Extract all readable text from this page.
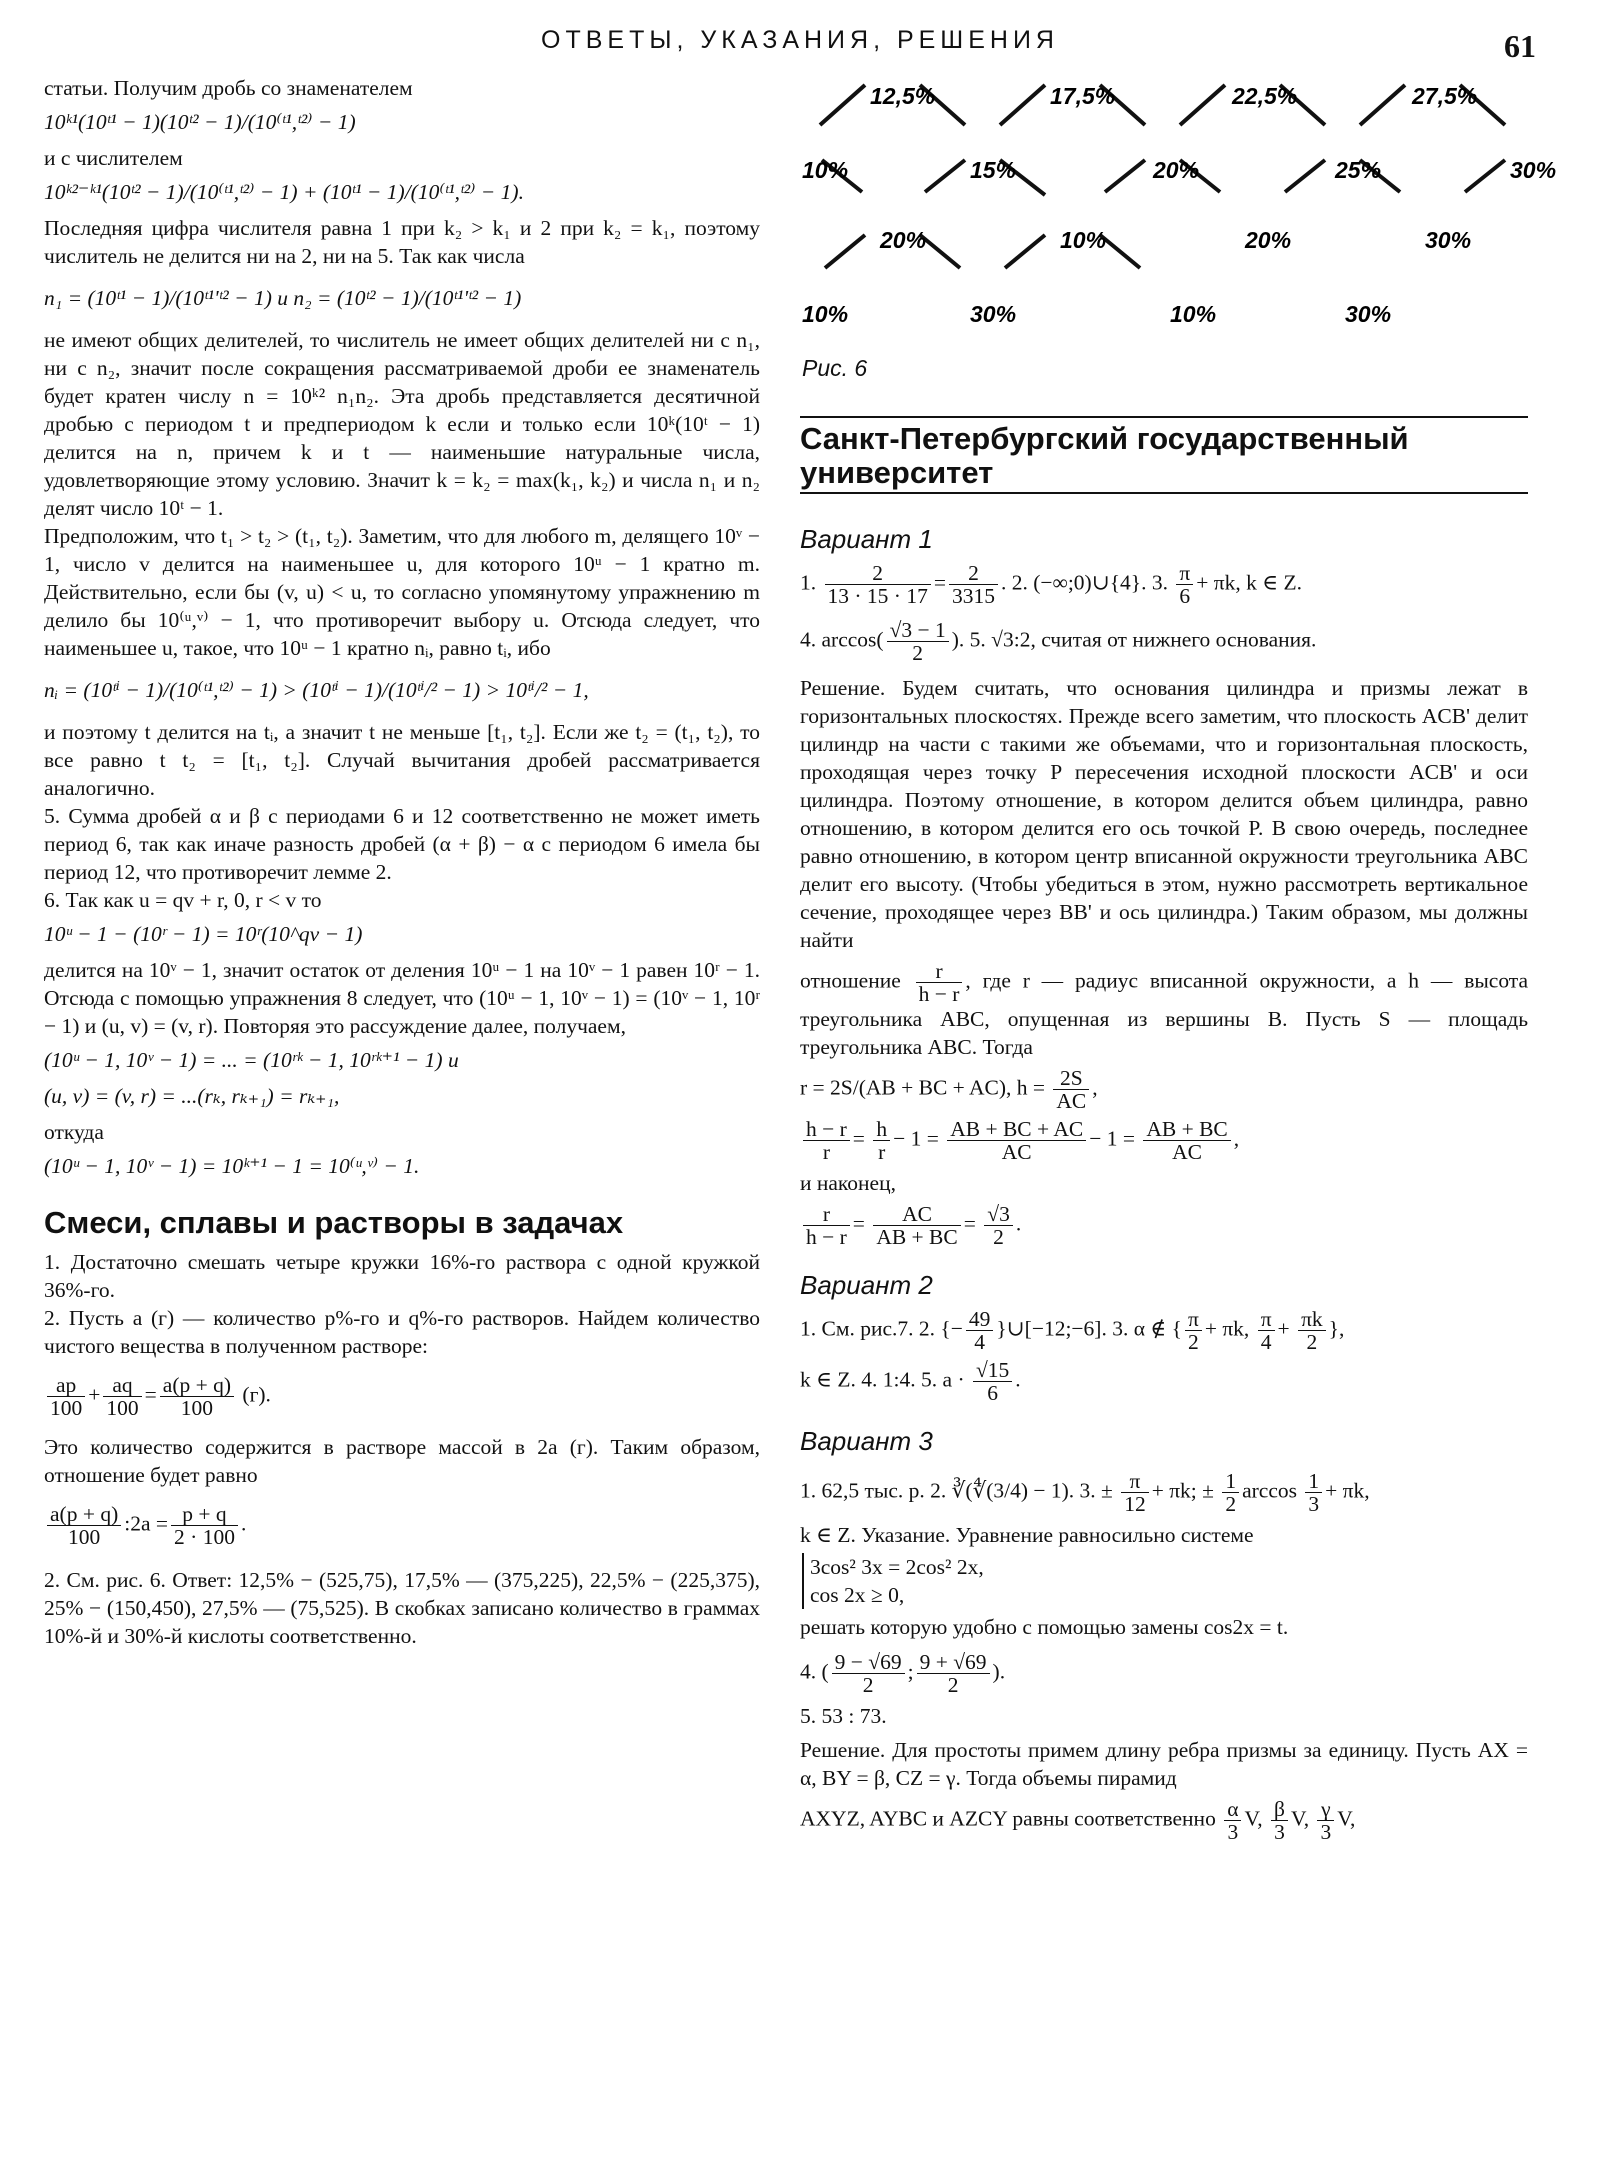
ОТВЕТЫ, УКАЗАНИЯ, РЕШЕНИЯ	61

статьи. Получим дробь со знаменателем

10ᵏ¹(10ᵗ¹ − 1)(10ᵗ² − 1)/(10⁽ᵗ¹,ᵗ²⁾ − 1)

и с числителем

10ᵏ²⁻ᵏ¹(10ᵗ² − 1)/(10⁽ᵗ¹,ᵗ²⁾ − 1) + (10ᵗ¹ − 1)/(10⁽ᵗ¹,ᵗ²⁾ − 1).

Последняя цифра числителя равна 1 при k₂ > k₁ и 2 при k₂ = k₁, поэтому числитель не делится ни на 2, ни на 5. Так как числа

n₁ = (10ᵗ¹ − 1)/(10ᵗ¹'ᵗ² − 1) и n₂ = (10ᵗ² − 1)/(10ᵗ¹'ᵗ² − 1)

не имеют общих делителей, то числитель не имеет общих делителей ни с n₁, ни с n₂, значит после сокращения рассматриваемой дроби ее знаменатель будет кратен числу n = 10ᵏ² n₁n₂. Эта дробь представляется десятичной дробью с периодом t и предпериодом k если и только если 10ᵏ(10ᵗ − 1) делится на n, причем k и t — наименьшие натуральные числа, удовлетворяющие этому условию. Значит k = k₂ = max(k₁, k₂) и числа n₁ и n₂ делят число 10ᵗ − 1.

Предположим, что t₁ > t₂ > (t₁, t₂). Заметим, что для любого m, делящего 10ᵛ − 1, число v делится на наименьшее u, для которого 10ᵘ − 1 кратно m. Действительно, если бы (v, u) < u, то согласно упомянутому упражнению m делило бы 10⁽ᵘ,ᵛ⁾ − 1, что противоречит выбору u. Отсюда следует, что наименьшее u, такое, что 10ᵘ − 1 кратно nᵢ, равно tᵢ, ибо

nᵢ = (10ᵗⁱ − 1)/(10⁽ᵗ¹,ᵗ²⁾ − 1) > (10ᵗⁱ − 1)/(10ᵗⁱ/² − 1) > 10ᵗⁱ/² − 1,

и поэтому t делится на tᵢ, а значит t не меньше [t₁, t₂]. Если же t₂ = (t₁, t₂), то все равно t t₂ = [t₁, t₂]. Случай вычитания дробей рассматривается аналогично.

5. Сумма дробей α и β с периодами 6 и 12 соответственно не может иметь период 6, так как иначе разность дробей (α + β) − α с периодом 6 имела бы период 12, что противоречит лемме 2.

6. Так как u = qv + r, 0, r < v то

10ᵘ − 1 − (10ʳ − 1) = 10ʳ(10^qv − 1)

делится на 10ᵛ − 1, значит остаток от деления 10ᵘ − 1 на 10ᵛ − 1 равен 10ʳ − 1. Отсюда с помощью упражнения 8 следует, что (10ᵘ − 1, 10ᵛ − 1) = (10ᵛ − 1, 10ʳ − 1) и (u, v) = (v, r). Повторяя это рассуждение далее, получаем,

(10ᵘ − 1, 10ᵛ − 1) = ... = (10ʳᵏ − 1, 10ʳᵏ⁺¹ − 1) и

(u, v) = (v, r) = ...(rₖ, rₖ₊₁) = rₖ₊₁,

откуда

(10ᵘ − 1, 10ᵛ − 1) = 10ᵏ⁺¹ − 1 = 10⁽ᵘ,ᵛ⁾ − 1.

Смеси, сплавы и растворы в задачах

1. Достаточно смешать четыре кружки 16%-го раствора с одной кружкой 36%-го.

2. Пусть a (г) — количество p%-го и q%-го растворов. Найдем количество чистого вещества в полученном растворе:

$\frac{ap}{100} + \frac{aq}{100} = \frac{a(p + q)}{100} (г)$.

Это количество содержится в растворе массой в 2a (г). Таким образом, отношение будет равно

$\frac{a(p + q)}{100}$ :2a = $\frac{p + q}{2 \cdot 100}$ .

2. См. рис. 6. Ответ: 12,5% − (525,75), 17,5% — (375,225), 22,5% − (225,375), 25% − (150,450), 27,5% — (75,525). В скобках записано количество в граммах 10%-й и 30%-й кислоты соответственно.

12,5%	17,5%	22,5%	27,5%
10%	15%	20%	25%	30%
20%	10%	20%	30%
10%	30%	10%	30%
Рис. 6
Санкт-Петербургский государственный университет
Вариант 1

1. $\frac{2}{13 \cdot 15 \cdot 17} = \frac{2}{3315}$ . 2. (−∞;0)∪{4}. 3. $\frac{\pi}{6} + \pi k$, k ∈ Z.

4. $\arccos( \frac{√3 - 1}{2}$ ). 5. √3:2, считая от нижнего основания.

Решение. Будем считать, что основания цилиндра и призмы лежат в горизонтальных плоскостях. Прежде всего заметим, что плоскость ACB' делит цилиндр на части с такими же объемами, что и горизонтальная плоскость, проходящая через точку P пересечения исходной плоскости ACB' и оси цилиндра. Поэтому отношение, в котором делится объем цилиндра, равно отношению, в котором делится его ось точкой P. В свою очередь, последнее равно отношению, в котором центр вписанной окружности треугольника ABC делит его высоту. (Чтобы убедиться в этом, нужно рассмотреть вертикальное сечение, проходящее через BB' и ось цилиндра.) Таким образом, мы должны найти

отношение $\frac{r}{h - r}$ , где r — радиус вписанной окружности, а h — высота треугольника ABC, опущенная из вершины B. Пусть S — площадь треугольника ABC. Тогда

r = 2S/(AB + BC + AC), $h = \frac{2S}{AC}$ ,

$\frac{h - r}{r} = \frac{h}{r} - 1 = \frac{AB + BC + AC}{AC} - 1 = \frac{AB + BC}{AC}$ ,

и наконец,

$\frac{r}{h - r} = \frac{AC}{AB + BC} = \frac{√3}{2}$ .

Вариант 2

1. См. рис.7. 2. {− $\frac{49}{4}$ }∪[−12;−6]. 3. α ∉ { $\frac{\pi}{2} + \pi k$, $\frac{\pi}{4} + \frac{\pi k}{2}$ },

k ∈ Z. 4. 1:4. 5. $a \cdot \frac{√15}{6}$ .

Вариант 3

1. 62,5 тыс. р. 2. ∛(∜(3/4) − 1). 3. ± $\frac{\pi}{12} + \pi k$; ± $\frac{1}{2}$ $\arccos \frac{1}{3} + \pi k$,

k ∈ Z. Указание. Уравнение равносильно системе

3cos² 3x = 2cos² 2x,
cos 2x ≥ 0,

решать которую удобно с помощью замены cos2x = t.

4. ( $\frac{9 - √69}{2}$ ; $\frac{9 + √69}{2}$ ).

5. 53 : 73.

Решение. Для простоты примем длину ребра призмы за единицу. Пусть AX = α, BY = β, CZ = γ. Тогда объемы пирамид

AXYZ, AYBC и AZCY равны соответственно $\frac{\alpha}{3} V$, $\frac{\beta}{3} V$, $\frac{\gamma}{3} V$,
